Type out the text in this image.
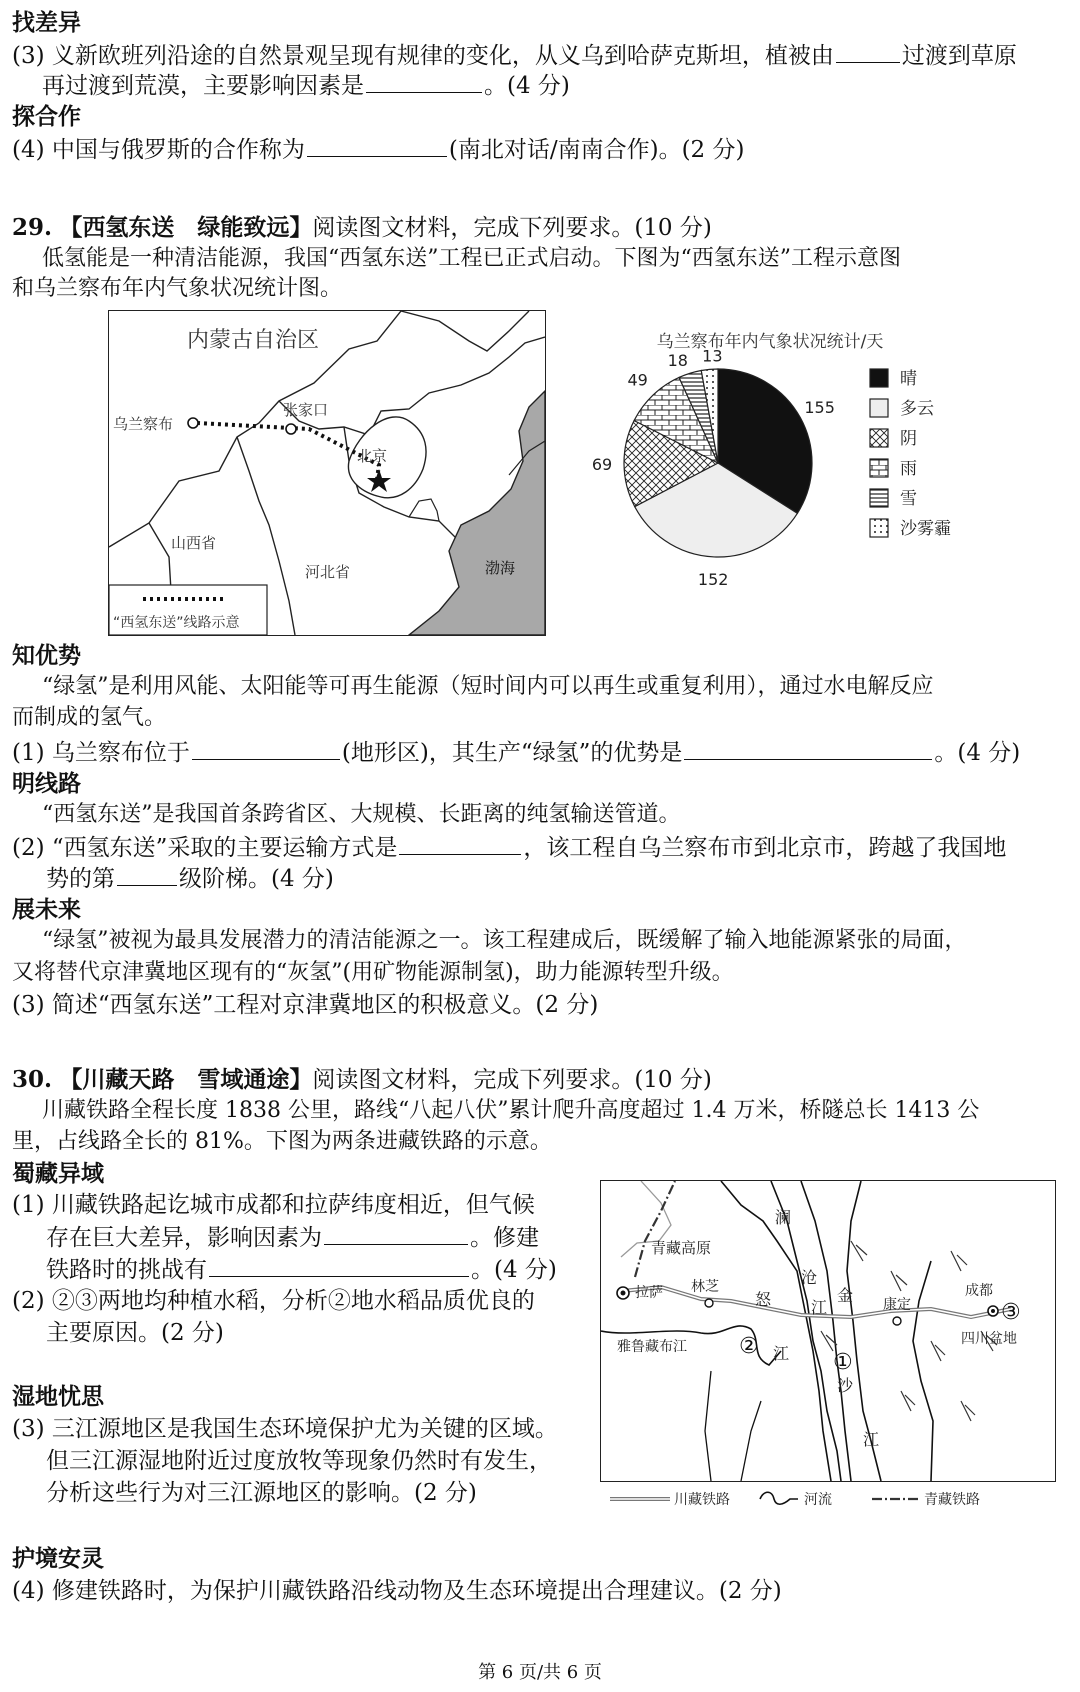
找差异
(3) 义新欧班列沿途的自然景观呈现有规律的变化，从义乌到哈萨克斯坦，植被由	过渡到草原
再过渡到荒漠，主要影响因素是	。(4 分)
探合作
(4) 中国与俄罗斯的合作称为	(南北对话/南南合作)。(2 分)
29. 【西氢东送　绿能致远】阅读图文材料，完成下列要求。(10 分)
低氢能是一种清洁能源，我国“西氢东送”工程已正式启动。下图为“西氢东送”工程示意图
和乌兰察布年内气象状况统计图。
内蒙古自治区
乌兰察布
张家口
北京
山西省
河北省	渤海
“西氢东送”线路示意
乌兰察布年内气象状况统计/天
155
152
69
49
18 13
晴
多云
阴
雨
雪
沙雾霾
知优势
“绿氢”是利用风能、太阳能等可再生能源（短时间内可以再生或重复利用），通过水电解反应
而制成的氢气。
(1) 乌兰察布位于	(地形区)，其生产“绿氢”的优势是	。(4 分)
明线路
“西氢东送”是我国首条跨省区、大规模、长距离的纯氢输送管道。
(2) “西氢东送”采取的主要运输方式是	，该工程自乌兰察布市到北京市，跨越了我国地
势的第	级阶梯。(4 分)
展未来
“绿氢”被视为最具发展潜力的清洁能源之一。该工程建成后，既缓解了输入地能源紧张的局面，
又将替代京津冀地区现有的“灰氢”(用矿物能源制氢)，助力能源转型升级。
(3) 简述“西氢东送”工程对京津冀地区的积极意义。(2 分)
30. 【川藏天路　雪域通途】阅读图文材料，完成下列要求。(10 分)
川藏铁路全程长度 1838 公里，路线“八起八伏”累计爬升高度超过 1.4 万米，桥隧总长 1413 公
里，占线路全长的 81%。下图为两条进藏铁路的示意。
蜀藏异域
(1) 川藏铁路起讫城市成都和拉萨纬度相近，但气候
存在巨大差异，影响因素为	。修建
铁路时的挑战有	。(4 分)
(2) ②③两地均种植水稻，分析②地水稻品质优良的
主要原因。(2 分)
湿地忧思
(3) 三江源地区是我国生态环境保护尤为关键的区域。
但三江源湿地附近过度放牧等现象仍然时有发生，
分析这些行为对三江源地区的影响。(2 分)
澜
沧
江
怒
江
金
沙
江
青藏高原
拉萨 林芝
康定
成都
四川盆地
雅鲁藏布江 ②
①
③
川藏铁路	河流	青藏铁路
护境安灵
(4) 修建铁路时，为保护川藏铁路沿线动物及生态环境提出合理建议。(2 分)
第 6 页/共 6 页
